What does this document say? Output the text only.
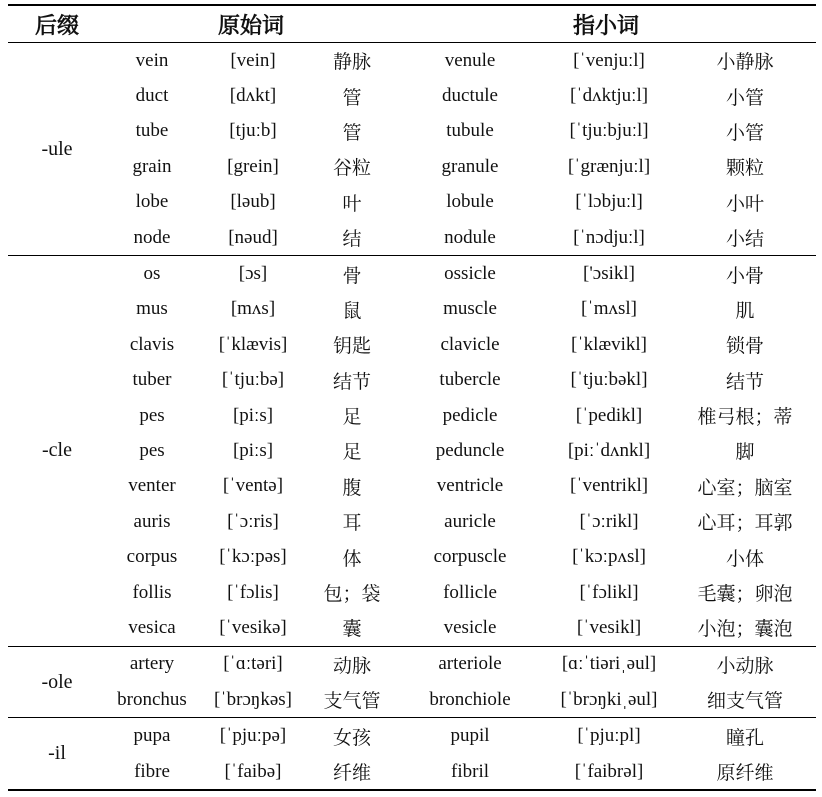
后缀	原始词			指小词		
-ule	vein	[vein]	静脉	venule	[ˈvenjuːl]	小静脉
	duct	[dʌkt]	管	ductule	[ˈdʌktjuːl]	小管
	tube	[tjuːb]	管	tubule	[ˈtjuːbjuːl]	小管
	grain	[grein]	谷粒	granule	[ˈgrænjuːl]	颗粒
	lobe	[ləub]	叶	lobule	[ˈlɔbjuːl]	小叶
	node	[nəud]	结	nodule	[ˈnɔdjuːl]	小结
-cle	os	[ɔs]	骨	ossicle	['ɔsikl]	小骨
	mus	[mʌs]	鼠	muscle	[ˈmʌsl]	肌
	clavis	[ˈklævis]	钥匙	clavicle	[ˈklævikl]	锁骨
	tuber	[ˈtjuːbə]	结节	tubercle	[ˈtjuːbəkl]	结节
	pes	[piːs]	足	pedicle	[ˈpedikl]	椎弓根；蒂
	pes	[piːs]	足	peduncle	[piːˈdʌnkl]	脚
	venter	[ˈventə]	腹	ventricle	[ˈventrikl]	心室；脑室
	auris	[ˈɔːris]	耳	auricle	[ˈɔːrikl]	心耳；耳郭
	corpus	[ˈkɔːpəs]	体	corpuscle	[ˈkɔːpʌsl]	小体
	follis	[ˈfɔlis]	包；袋	follicle	[ˈfɔlikl]	毛囊；卵泡
	vesica	[ˈvesikə]	囊	vesicle	[ˈvesikl]	小泡；囊泡
-ole	artery	[ˈɑːtəri]	动脉	arteriole	[ɑːˈtiəriˌəul]	小动脉
	bronchus	[ˈbrɔŋkəs]	支气管	bronchiole	[ˈbrɔŋkiˌəul]	细支气管
-il	pupa	[ˈpjuːpə]	女孩	pupil	[ˈpjuːpl]	瞳孔
	fibre	[ˈfaibə]	纤维	fibril	[ˈfaibrəl]	原纤维
